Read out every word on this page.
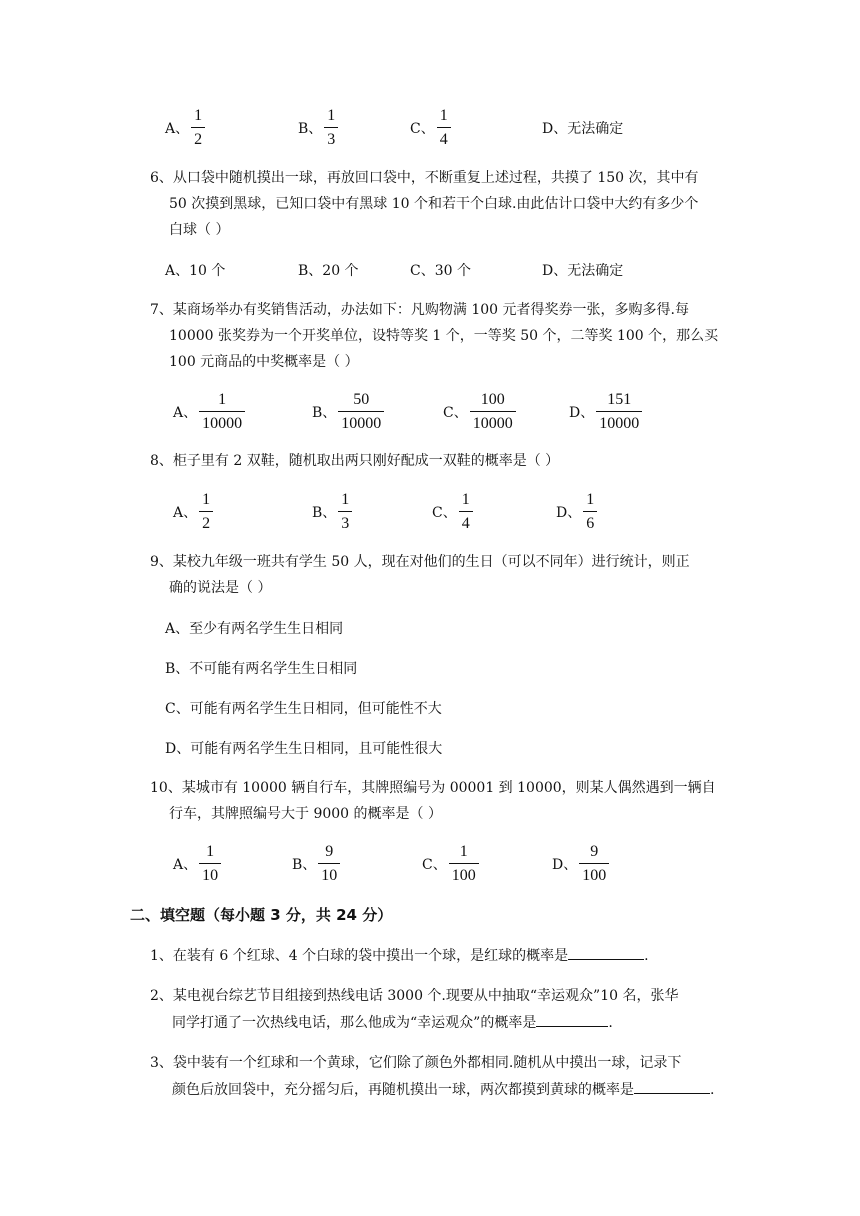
A、 $\frac{1}{2}$	B、 $\frac{1}{3}$	C、 $\frac{1}{4}$	D、无法确定
6、从口袋中随机摸出一球，再放回口袋中，不断重复上述过程，共摸了 150 次，其中有
50 次摸到黑球，已知口袋中有黑球 10 个和若干个白球.由此估计口袋中大约有多少个
白球（ ）
A、10 个	B、20 个	C、30 个	D、无法确定
7、某商场举办有奖销售活动，办法如下：凡购物满 100 元者得奖券一张，多购多得.每
10000 张奖券为一个开奖单位，设特等奖 1 个，一等奖 50 个，二等奖 100 个，那么买
100 元商品的中奖概率是（ ）
A、 $\frac{1}{10000}$	B、 $\frac{50}{10000}$	C、 $\frac{100}{10000}$	D、 $\frac{151}{10000}$
8、柜子里有 2 双鞋，随机取出两只刚好配成一双鞋的概率是（ ）
A、 $\frac{1}{2}$	B、 $\frac{1}{3}$	C、 $\frac{1}{4}$	D、 $\frac{1}{6}$
9、某校九年级一班共有学生 50 人，现在对他们的生日（可以不同年）进行统计，则正
确的说法是（ ）
A、至少有两名学生生日相同
B、不可能有两名学生生日相同
C、可能有两名学生生日相同，但可能性不大
D、可能有两名学生生日相同，且可能性很大
10、某城市有 10000 辆自行车，其牌照编号为 00001 到 10000，则某人偶然遇到一辆自
行车，其牌照编号大于 9000 的概率是（ ）
A、 $\frac{1}{10}$	B、 $\frac{9}{10}$	C、 $\frac{1}{100}$	D、 $\frac{9}{100}$
二、填空题（每小题 3 分，共 24 分）
1、在装有 6 个红球、4 个白球的袋中摸出一个球，是红球的概率是	.
2、某电视台综艺节目组接到热线电话 3000 个.现要从中抽取“幸运观众”10 名，张华
同学打通了一次热线电话，那么他成为“幸运观众”的概率是	.
3、袋中装有一个红球和一个黄球，它们除了颜色外都相同.随机从中摸出一球，记录下
颜色后放回袋中，充分摇匀后，再随机摸出一球，两次都摸到黄球的概率是	.
